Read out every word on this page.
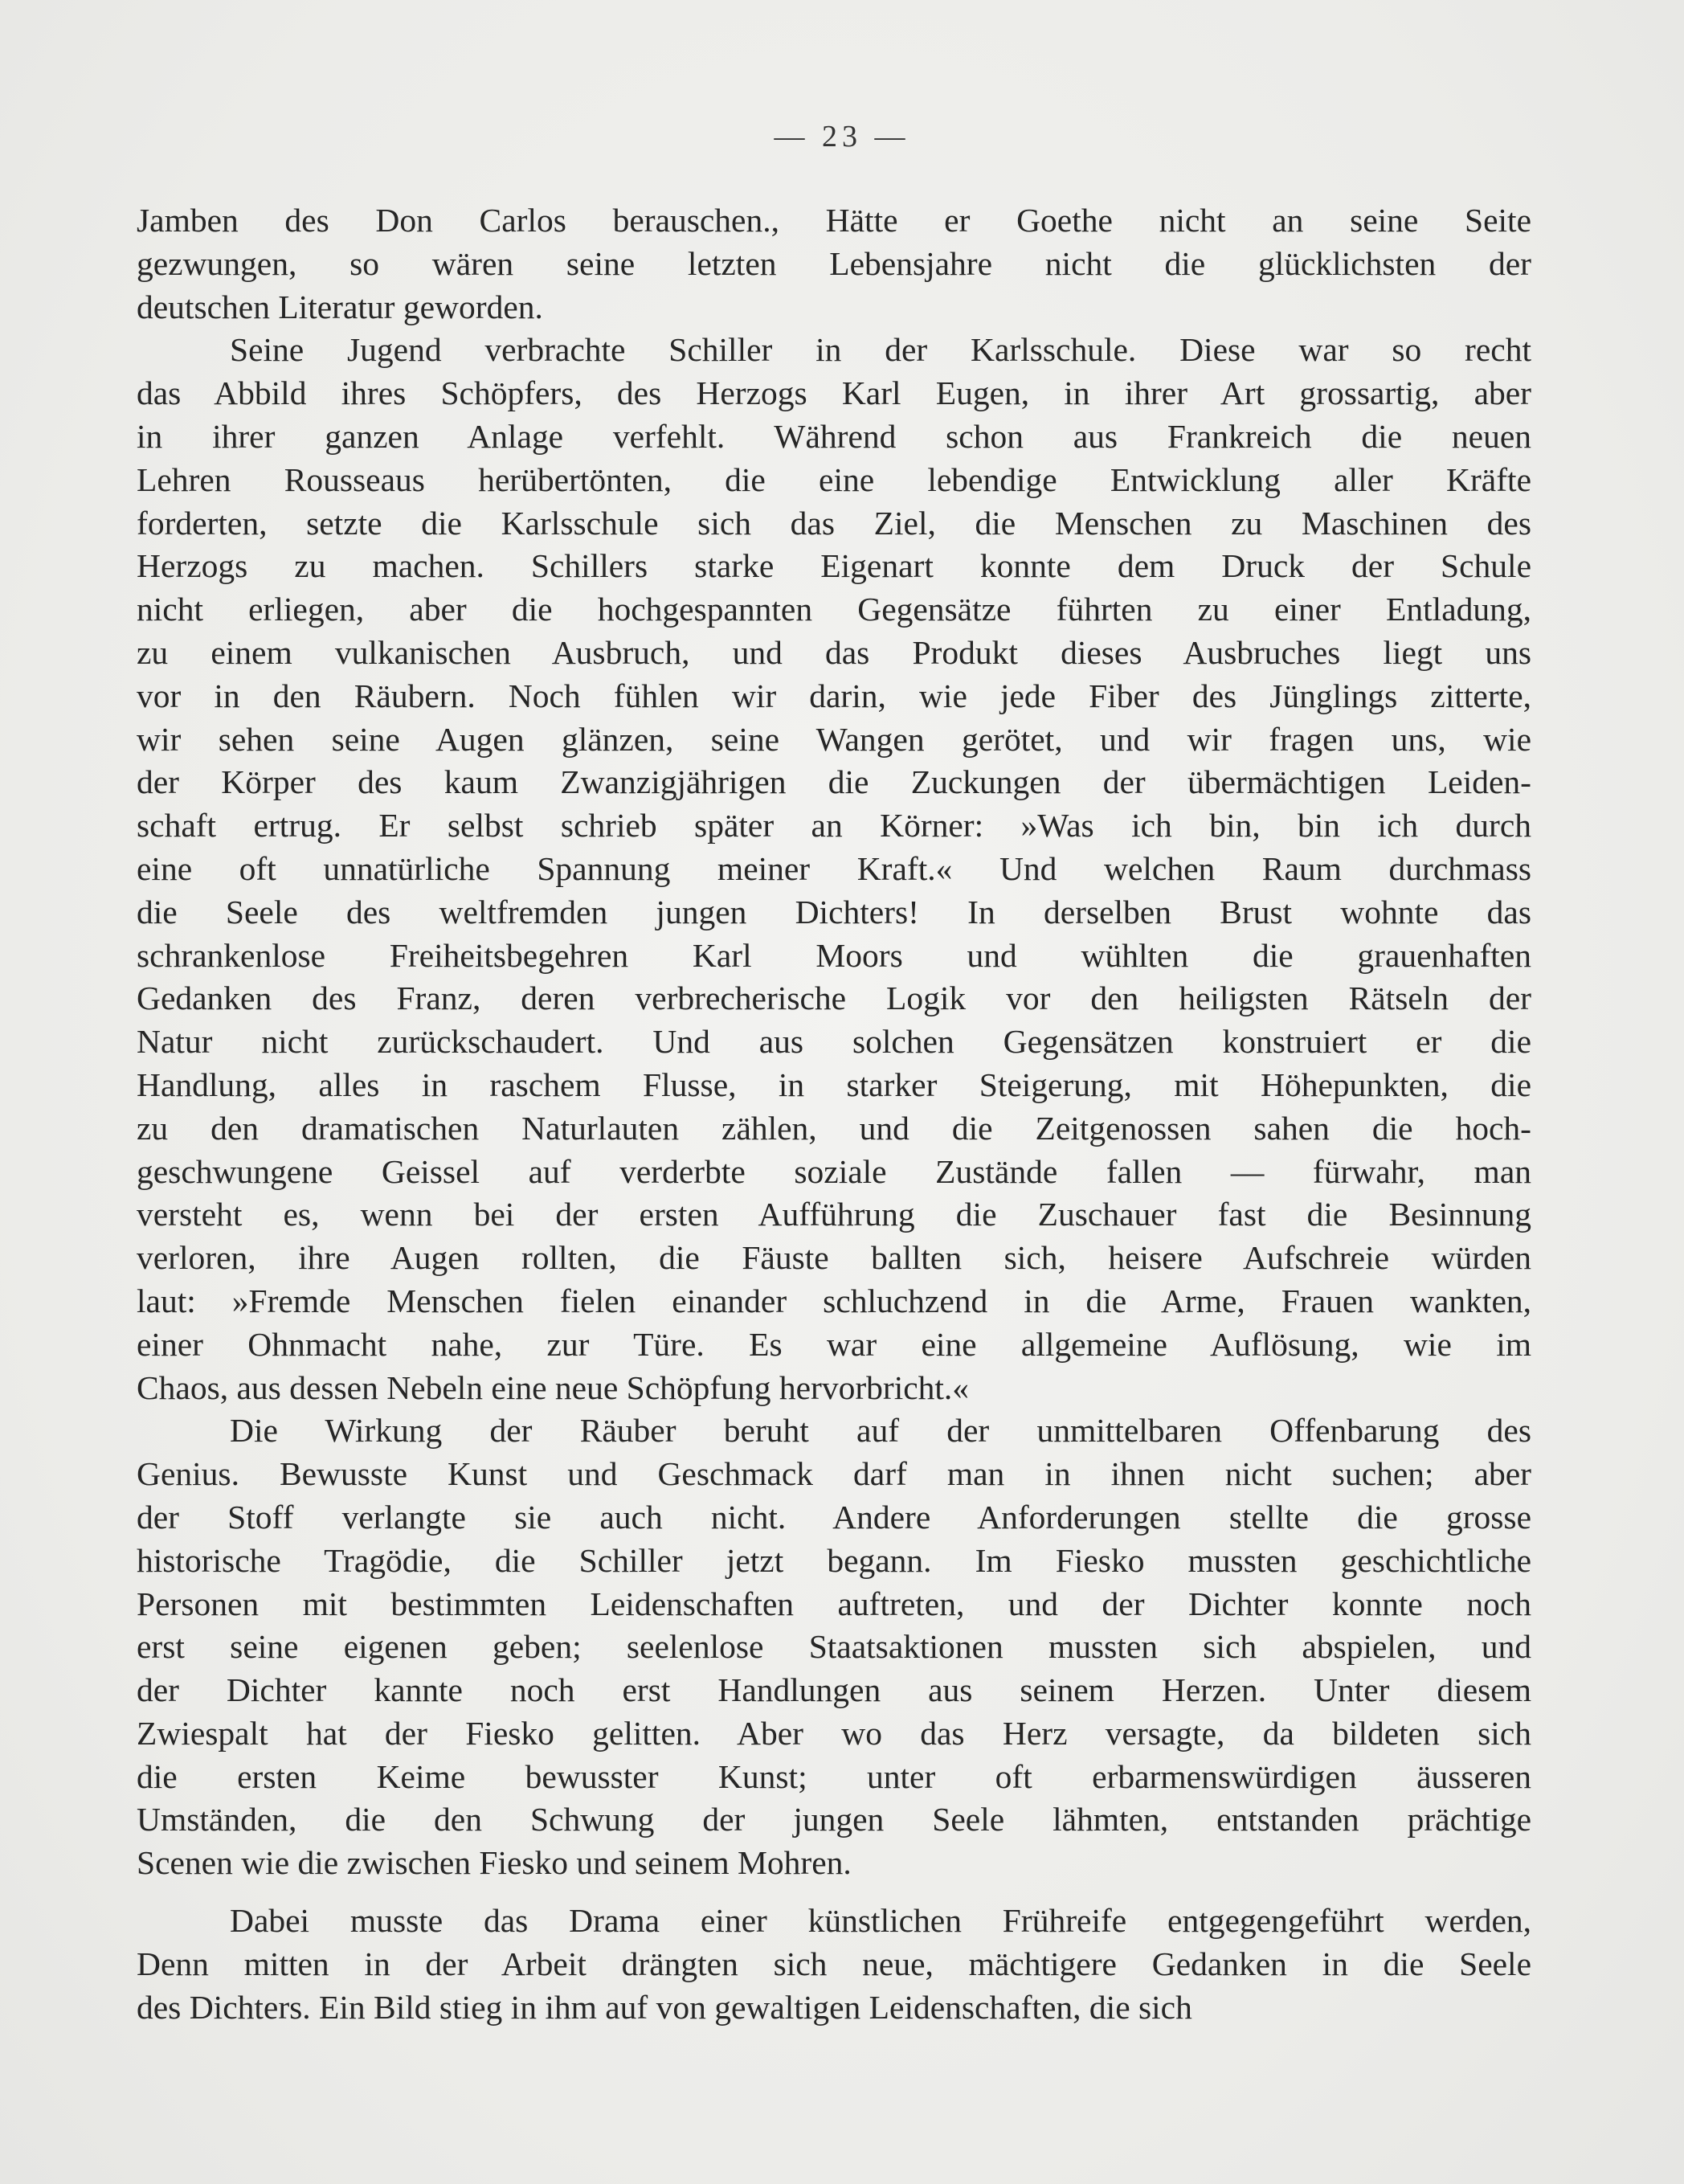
— 23 —
Jamben des Don Carlos berauschen., Hätte er Goethe nicht an seine Seite
gezwungen, so wären seine letzten Lebensjahre nicht die glücklichsten der
deutschen Literatur geworden.
Seine Jugend verbrachte Schiller in der Karlsschule. Diese war so recht
das Abbild ihres Schöpfers, des Herzogs Karl Eugen, in ihrer Art grossartig, aber
in ihrer ganzen Anlage verfehlt. Während schon aus Frankreich die neuen
Lehren Rousseaus herübertönten, die eine lebendige Entwicklung aller Kräfte
forderten, setzte die Karlsschule sich das Ziel, die Menschen zu Maschinen des
Herzogs zu machen. Schillers starke Eigenart konnte dem Druck der Schule
nicht erliegen, aber die hochgespannten Gegensätze führten zu einer Entladung,
zu einem vulkanischen Ausbruch, und das Produkt dieses Ausbruches liegt uns
vor in den Räubern. Noch fühlen wir darin, wie jede Fiber des Jünglings zitterte,
wir sehen seine Augen glänzen, seine Wangen gerötet, und wir fragen uns, wie
der Körper des kaum Zwanzigjährigen die Zuckungen der übermächtigen Leiden-
schaft ertrug. Er selbst schrieb später an Körner: »Was ich bin, bin ich durch
eine oft unnatürliche Spannung meiner Kraft.« Und welchen Raum durchmass
die Seele des weltfremden jungen Dichters! In derselben Brust wohnte das
schrankenlose Freiheitsbegehren Karl Moors und wühlten die grauenhaften
Gedanken des Franz, deren verbrecherische Logik vor den heiligsten Rätseln der
Natur nicht zurückschaudert. Und aus solchen Gegensätzen konstruiert er die
Handlung, alles in raschem Flusse, in starker Steigerung, mit Höhepunkten, die
zu den dramatischen Naturlauten zählen, und die Zeitgenossen sahen die hoch-
geschwungene Geissel auf verderbte soziale Zustände fallen — fürwahr, man
versteht es, wenn bei der ersten Aufführung die Zuschauer fast die Besinnung
verloren, ihre Augen rollten, die Fäuste ballten sich, heisere Aufschreie würden
laut: »Fremde Menschen fielen einander schluchzend in die Arme, Frauen wankten,
einer Ohnmacht nahe, zur Türe. Es war eine allgemeine Auflösung, wie im
Chaos, aus dessen Nebeln eine neue Schöpfung hervorbricht.«
Die Wirkung der Räuber beruht auf der unmittelbaren Offenbarung des
Genius. Bewusste Kunst und Geschmack darf man in ihnen nicht suchen; aber
der Stoff verlangte sie auch nicht. Andere Anforderungen stellte die grosse
historische Tragödie, die Schiller jetzt begann. Im Fiesko mussten geschichtliche
Personen mit bestimmten Leidenschaften auftreten, und der Dichter konnte noch
erst seine eigenen geben; seelenlose Staatsaktionen mussten sich abspielen, und
der Dichter kannte noch erst Handlungen aus seinem Herzen. Unter diesem
Zwiespalt hat der Fiesko gelitten. Aber wo das Herz versagte, da bildeten sich
die ersten Keime bewusster Kunst; unter oft erbarmenswürdigen äusseren
Umständen, die den Schwung der jungen Seele lähmten, entstanden prächtige
Scenen wie die zwischen Fiesko und seinem Mohren.
Dabei musste das Drama einer künstlichen Frühreife entgegengeführt werden,
Denn mitten in der Arbeit drängten sich neue, mächtigere Gedanken in die Seele
des Dichters. Ein Bild stieg in ihm auf von gewaltigen Leidenschaften, die sich
